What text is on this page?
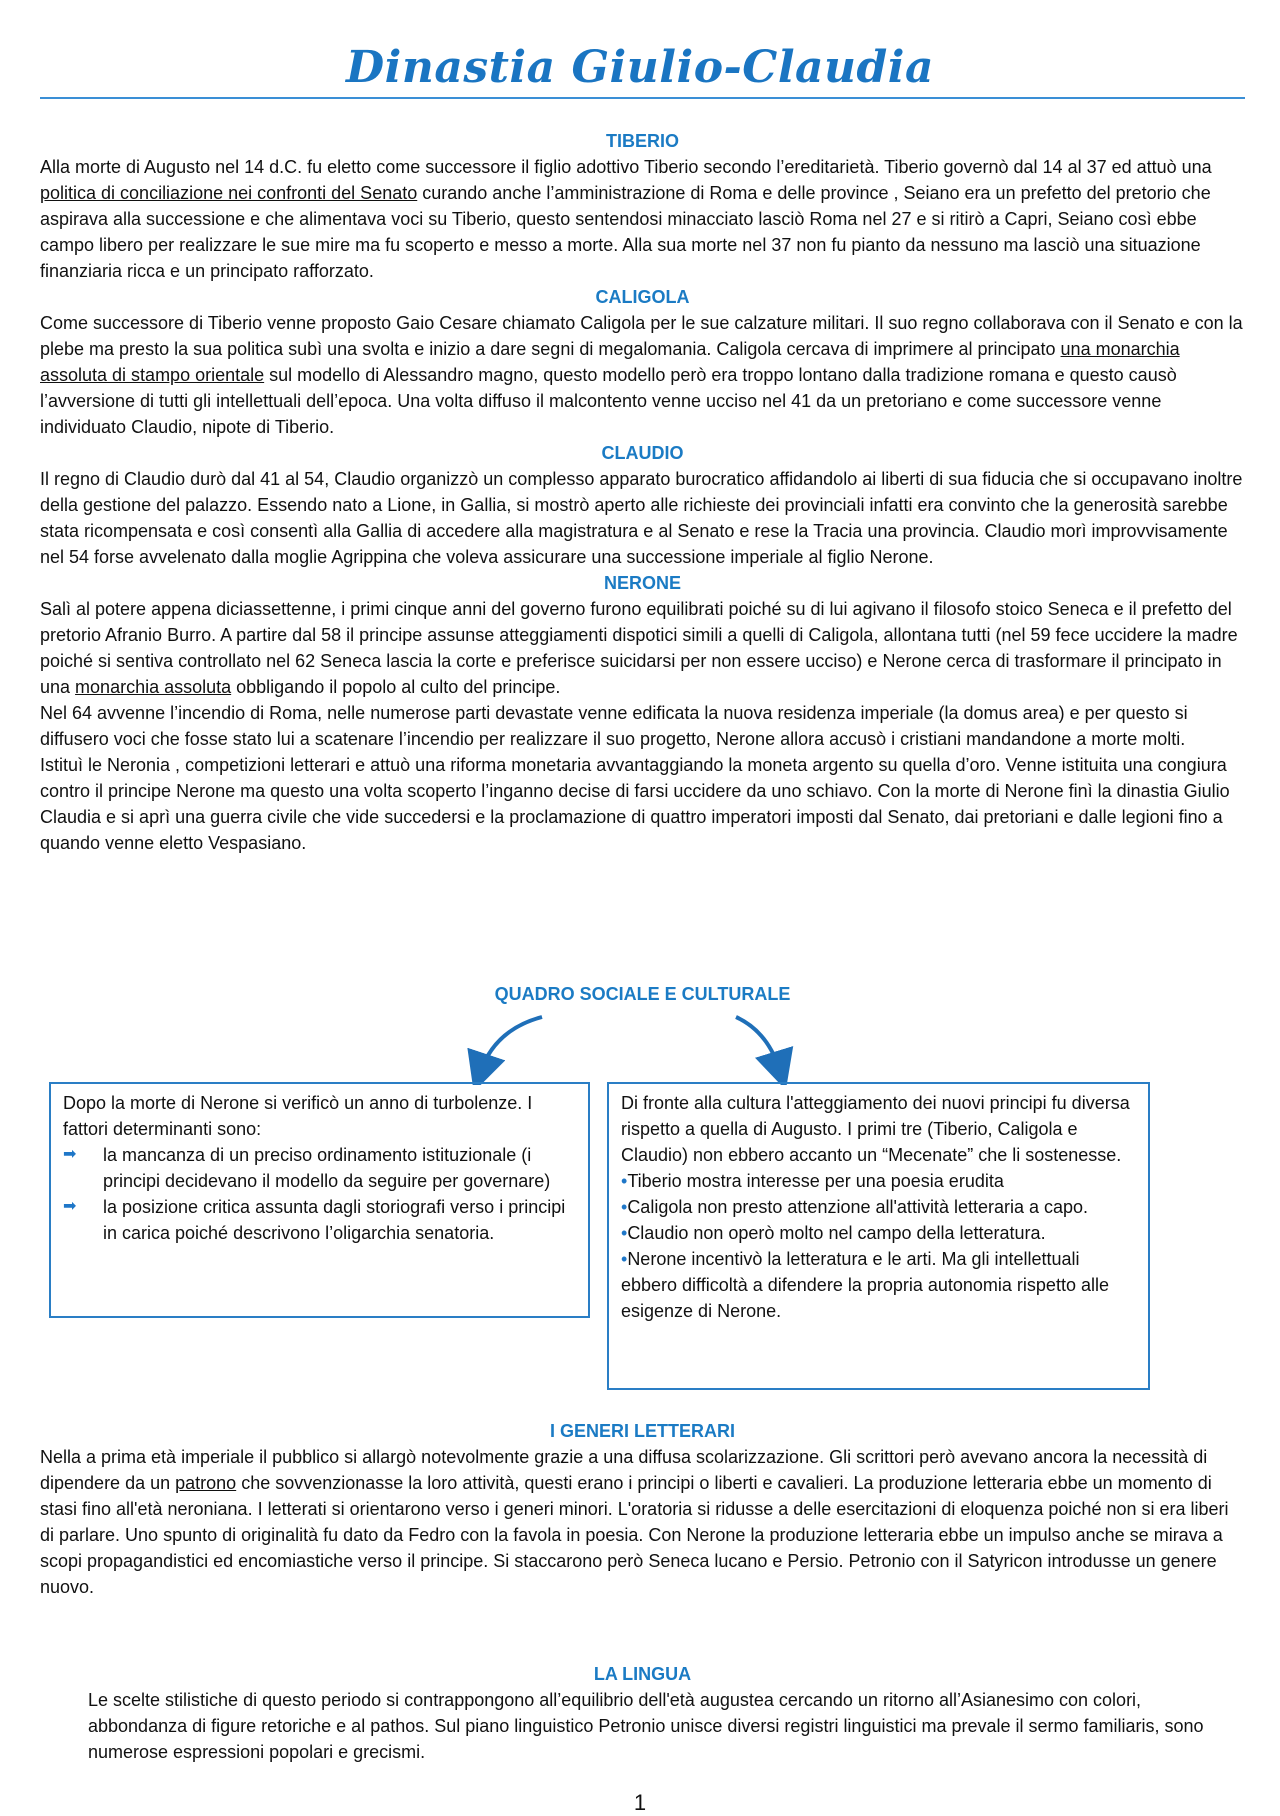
Dinastia Giulio-Claudia
TIBERIO

Alla morte di Augusto nel 14 d.C. fu eletto come successore il figlio adottivo Tiberio secondo l’ereditarietà. Tiberio governò dal 14 al 37 ed attuò una politica di conciliazione nei confronti del Senato curando anche l’amministrazione di Roma e delle province , Seiano era un prefetto del pretorio che aspirava alla successione e che alimentava voci su Tiberio, questo sentendosi minacciato lasciò Roma nel 27 e si ritirò a Capri, Seiano così ebbe campo libero per realizzare le sue mire ma fu scoperto e messo a morte. Alla sua morte nel 37 non fu pianto da nessuno ma lasciò una situazione finanziaria ricca e un principato rafforzato.

CALIGOLA

Come successore di Tiberio venne proposto Gaio Cesare chiamato Caligola per le sue calzature militari. Il suo regno collaborava con il Senato e con la plebe ma presto la sua politica subì una svolta e inizio a dare segni di megalomania. Caligola cercava di imprimere al principato una monarchia assoluta di stampo orientale sul modello di Alessandro magno, questo modello però era troppo lontano dalla tradizione romana e questo causò l’avversione di tutti gli intellettuali dell’epoca. Una volta diffuso il malcontento venne ucciso nel 41 da un pretoriano e come successore venne individuato Claudio, nipote di Tiberio.

CLAUDIO

Il regno di Claudio durò dal 41 al 54, Claudio organizzò un complesso apparato burocratico affidandolo ai liberti di sua fiducia che si occupavano inoltre della gestione del palazzo. Essendo nato a Lione, in Gallia, si mostrò aperto alle richieste dei provinciali infatti era convinto che la generosità sarebbe stata ricompensata e così consentì alla Gallia di accedere alla magistratura e al Senato e rese la Tracia una provincia. Claudio morì improvvisamente nel 54 forse avvelenato dalla moglie Agrippina che voleva assicurare una successione imperiale al figlio Nerone.

NERONE

Salì al potere appena diciassettenne, i primi cinque anni del governo furono equilibrati poiché su di lui agivano il filosofo stoico Seneca e il prefetto del pretorio Afranio Burro. A partire dal 58 il principe assunse atteggiamenti dispotici simili a quelli di Caligola, allontana tutti (nel 59 fece uccidere la madre poiché si sentiva controllato nel 62 Seneca lascia la corte e preferisce suicidarsi per non essere ucciso) e Nerone cerca di trasformare il principato in una monarchia assoluta obbligando il popolo al culto del principe.

Nel 64 avvenne l’incendio di Roma, nelle numerose parti devastate venne edificata la nuova residenza imperiale (la domus area) e per questo si diffusero voci che fosse stato lui a scatenare l’incendio per realizzare il suo progetto, Nerone allora accusò i cristiani mandandone a morte molti.

Istituì le Neronia , competizioni letterari e attuò una riforma monetaria avvantaggiando la moneta argento su quella d’oro. Venne istituita una congiura contro il principe Nerone ma questo una volta scoperto l’inganno decise di farsi uccidere da uno schiavo. Con la morte di Nerone finì la dinastia Giulio Claudia e si aprì una guerra civile che vide succedersi e la proclamazione di quattro imperatori imposti dal Senato, dai pretoriani e dalle legioni fino a quando venne eletto Vespasiano.

QUADRO SOCIALE E CULTURALE

Dopo la morte di Nerone si verificò un anno di turbolenze. I fattori determinanti sono:

➡ la mancanza di un preciso ordinamento istituzionale (i principi decidevano il modello da seguire per governare)
➡ la posizione critica assunta dagli storiografi verso i principi in carica poiché descrivono l’oligarchia senatoria.

Di fronte alla cultura l'atteggiamento dei nuovi principi fu diversa rispetto a quella di Augusto. I primi tre (Tiberio, Caligola e Claudio) non ebbero accanto un “Mecenate” che li sostenesse.

•Tiberio mostra interesse per una poesia erudita

•Caligola non presto attenzione all'attività letteraria a capo.

•Claudio non operò molto nel campo della letteratura.

•Nerone incentivò la letteratura e le arti. Ma gli intellettuali ebbero difficoltà a difendere la propria autonomia rispetto alle esigenze di Nerone.

I GENERI LETTERARI

Nella a prima età imperiale il pubblico si allargò notevolmente grazie a una diffusa scolarizzazione. Gli scrittori però avevano ancora la necessità di dipendere da un patrono che sovvenzionasse la loro attività, questi erano i principi o liberti e cavalieri. La produzione letteraria ebbe un momento di stasi fino all'età neroniana. I letterati si orientarono verso i generi minori. L'oratoria si ridusse a delle esercitazioni di eloquenza poiché non si era liberi di parlare. Uno spunto di originalità fu dato da Fedro con la favola in poesia. Con Nerone la produzione letteraria ebbe un impulso anche se mirava a scopi propagandistici ed encomiastiche verso il principe. Si staccarono però Seneca lucano e Persio. Petronio con il Satyricon introdusse un genere nuovo.

LA LINGUA

Le scelte stilistiche di questo periodo si contrappongono all’equilibrio dell'età augustea cercando un ritorno all’Asianesimo con colori, abbondanza di figure retoriche e al pathos. Sul piano linguistico Petronio unisce diversi registri linguistici ma prevale il sermo familiaris, sono numerose espressioni popolari e grecismi.

1
